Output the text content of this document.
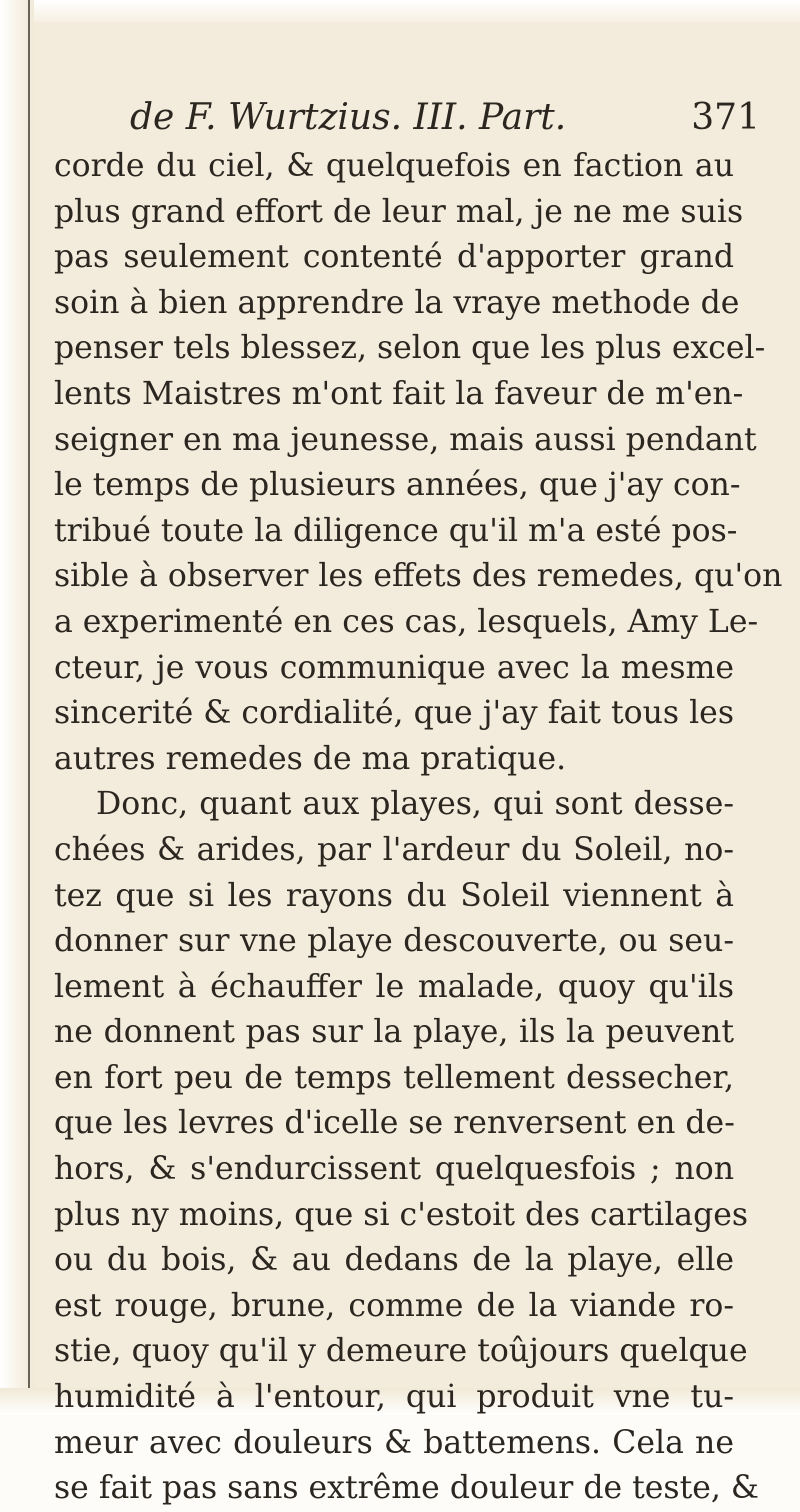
de F. Wurtzius. III. Part.	371
corde du ciel, & quelquefois en faction au
plus grand effort de leur mal, je ne me suis
pas seulement contenté d'apporter grand
soin à bien apprendre la vraye methode de
penser tels blessez, selon que les plus excel-
lents Maistres m'ont fait la faveur de m'en-
seigner en ma jeunesse, mais aussi pendant
le temps de plusieurs années, que j'ay con-
tribué toute la diligence qu'il m'a esté pos-
sible à observer les effets des remedes, qu'on
a experimenté en ces cas, lesquels, Amy Le-
cteur, je vous communique avec la mesme
sincerité & cordialité, que j'ay fait tous les
autres remedes de ma pratique.
Donc, quant aux playes, qui sont desse-
chées & arides, par l'ardeur du Soleil, no-
tez que si les rayons du Soleil viennent à
donner sur vne playe descouverte, ou seu-
lement à échauffer le malade, quoy qu'ils
ne donnent pas sur la playe, ils la peuvent
en fort peu de temps tellement dessecher,
que les levres d'icelle se renversent en de-
hors, & s'endurcissent quelquesfois ; non
plus ny moins, que si c'estoit des cartilages
ou du bois, & au dedans de la playe, elle
est rouge, brune, comme de la viande ro-
stie, quoy qu'il y demeure toûjours quelque
humidité à l'entour, qui produit vne tu-
meur avec douleurs & battemens. Cela ne
se fait pas sans extrême douleur de teste, &
